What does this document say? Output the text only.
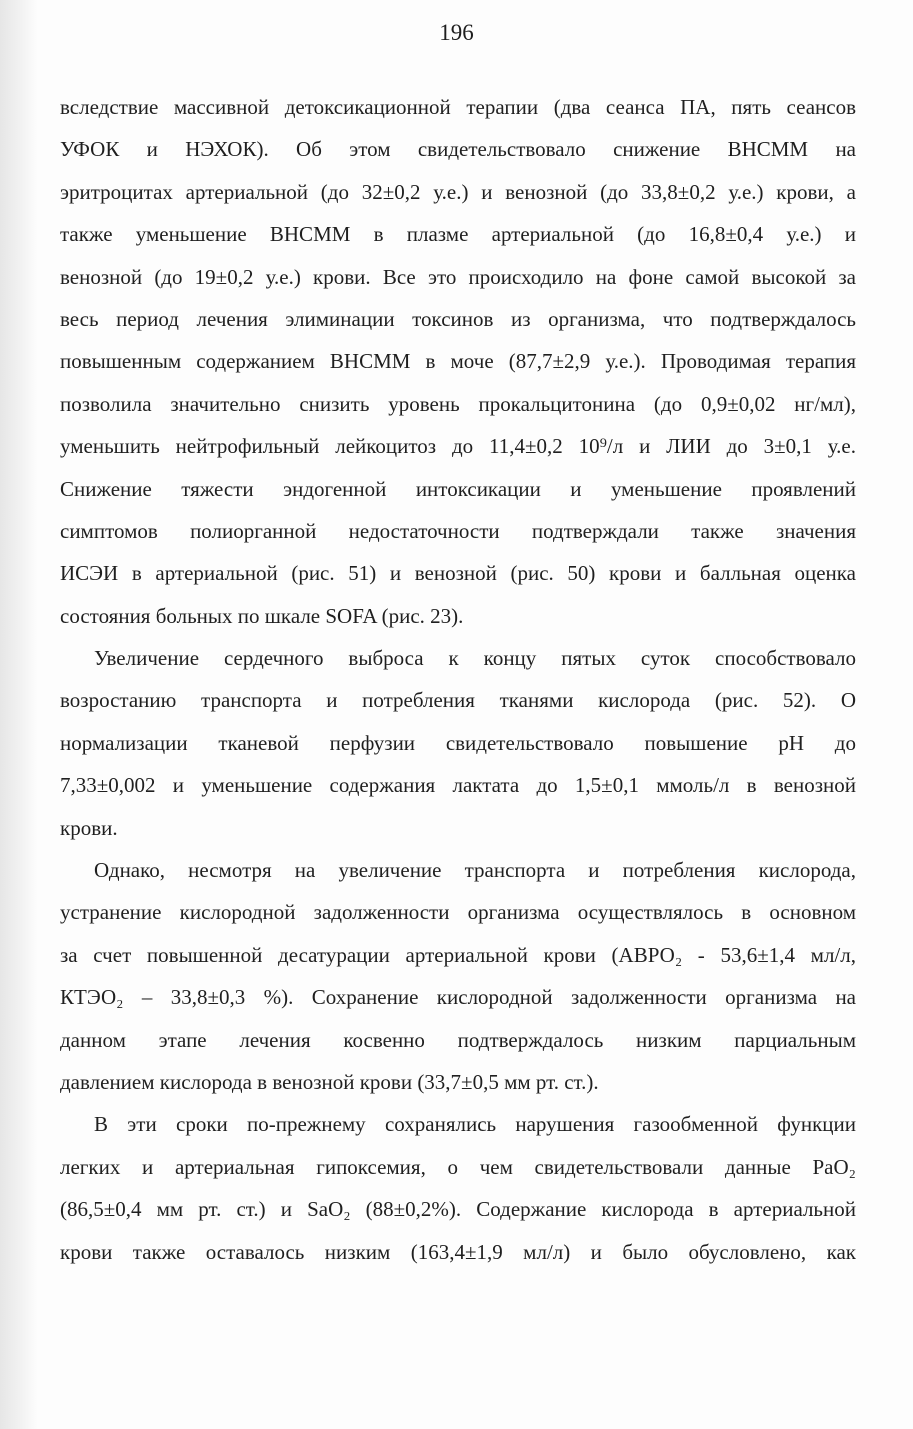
196
вследствие массивной детоксикационной терапии (два сеанса ПА, пять сеансов
УФОК и НЭХОК). Об этом свидетельствовало снижение ВНСММ на
эритроцитах артериальной (до 32±0,2 у.е.) и венозной (до 33,8±0,2 у.е.) крови, а
также уменьшение ВНСММ в плазме артериальной (до 16,8±0,4 у.е.) и
венозной (до 19±0,2 у.е.) крови. Все это происходило на фоне самой высокой за
весь период лечения элиминации токсинов из организма, что подтверждалось
повышенным содержанием ВНСММ в моче (87,7±2,9 у.е.). Проводимая терапия
позволила значительно снизить уровень прокальцитонина (до 0,9±0,02 нг/мл),
уменьшить нейтрофильный лейкоцитоз до 11,4±0,2 10⁹/л и ЛИИ до 3±0,1 у.е.
Снижение тяжести эндогенной интоксикации и уменьшение проявлений
симптомов полиорганной недостаточности подтверждали также значения
ИСЭИ в артериальной (рис. 51) и венозной (рис. 50) крови и балльная оценка
состояния больных по шкале SOFA (рис. 23).
Увеличение сердечного выброса к концу пятых суток способствовало
возростанию транспорта и потребления тканями кислорода (рис. 52). О
нормализации тканевой перфузии свидетельствовало повышение pH до
7,33±0,002 и уменьшение содержания лактата до 1,5±0,1 ммоль/л в венозной
крови.
Однако, несмотря на увеличение транспорта и потребления кислорода,
устранение кислородной задолженности организма осуществлялось в основном
за счет повышенной десатурации артериальной крови (АВРО₂ - 53,6±1,4 мл/л,
КТЭО₂ – 33,8±0,3 %). Сохранение кислородной задолженности организма на
данном этапе лечения косвенно подтверждалось низким парциальным
давлением кислорода в венозной крови (33,7±0,5 мм рт. ст.).
В эти сроки по-прежнему сохранялись нарушения газообменной функции
легких и артериальная гипоксемия, о чем свидетельствовали данные PaO₂
(86,5±0,4 мм рт. ст.) и SaO₂ (88±0,2%). Содержание кислорода в артериальной
крови также оставалось низким (163,4±1,9 мл/л) и было обусловлено, как
